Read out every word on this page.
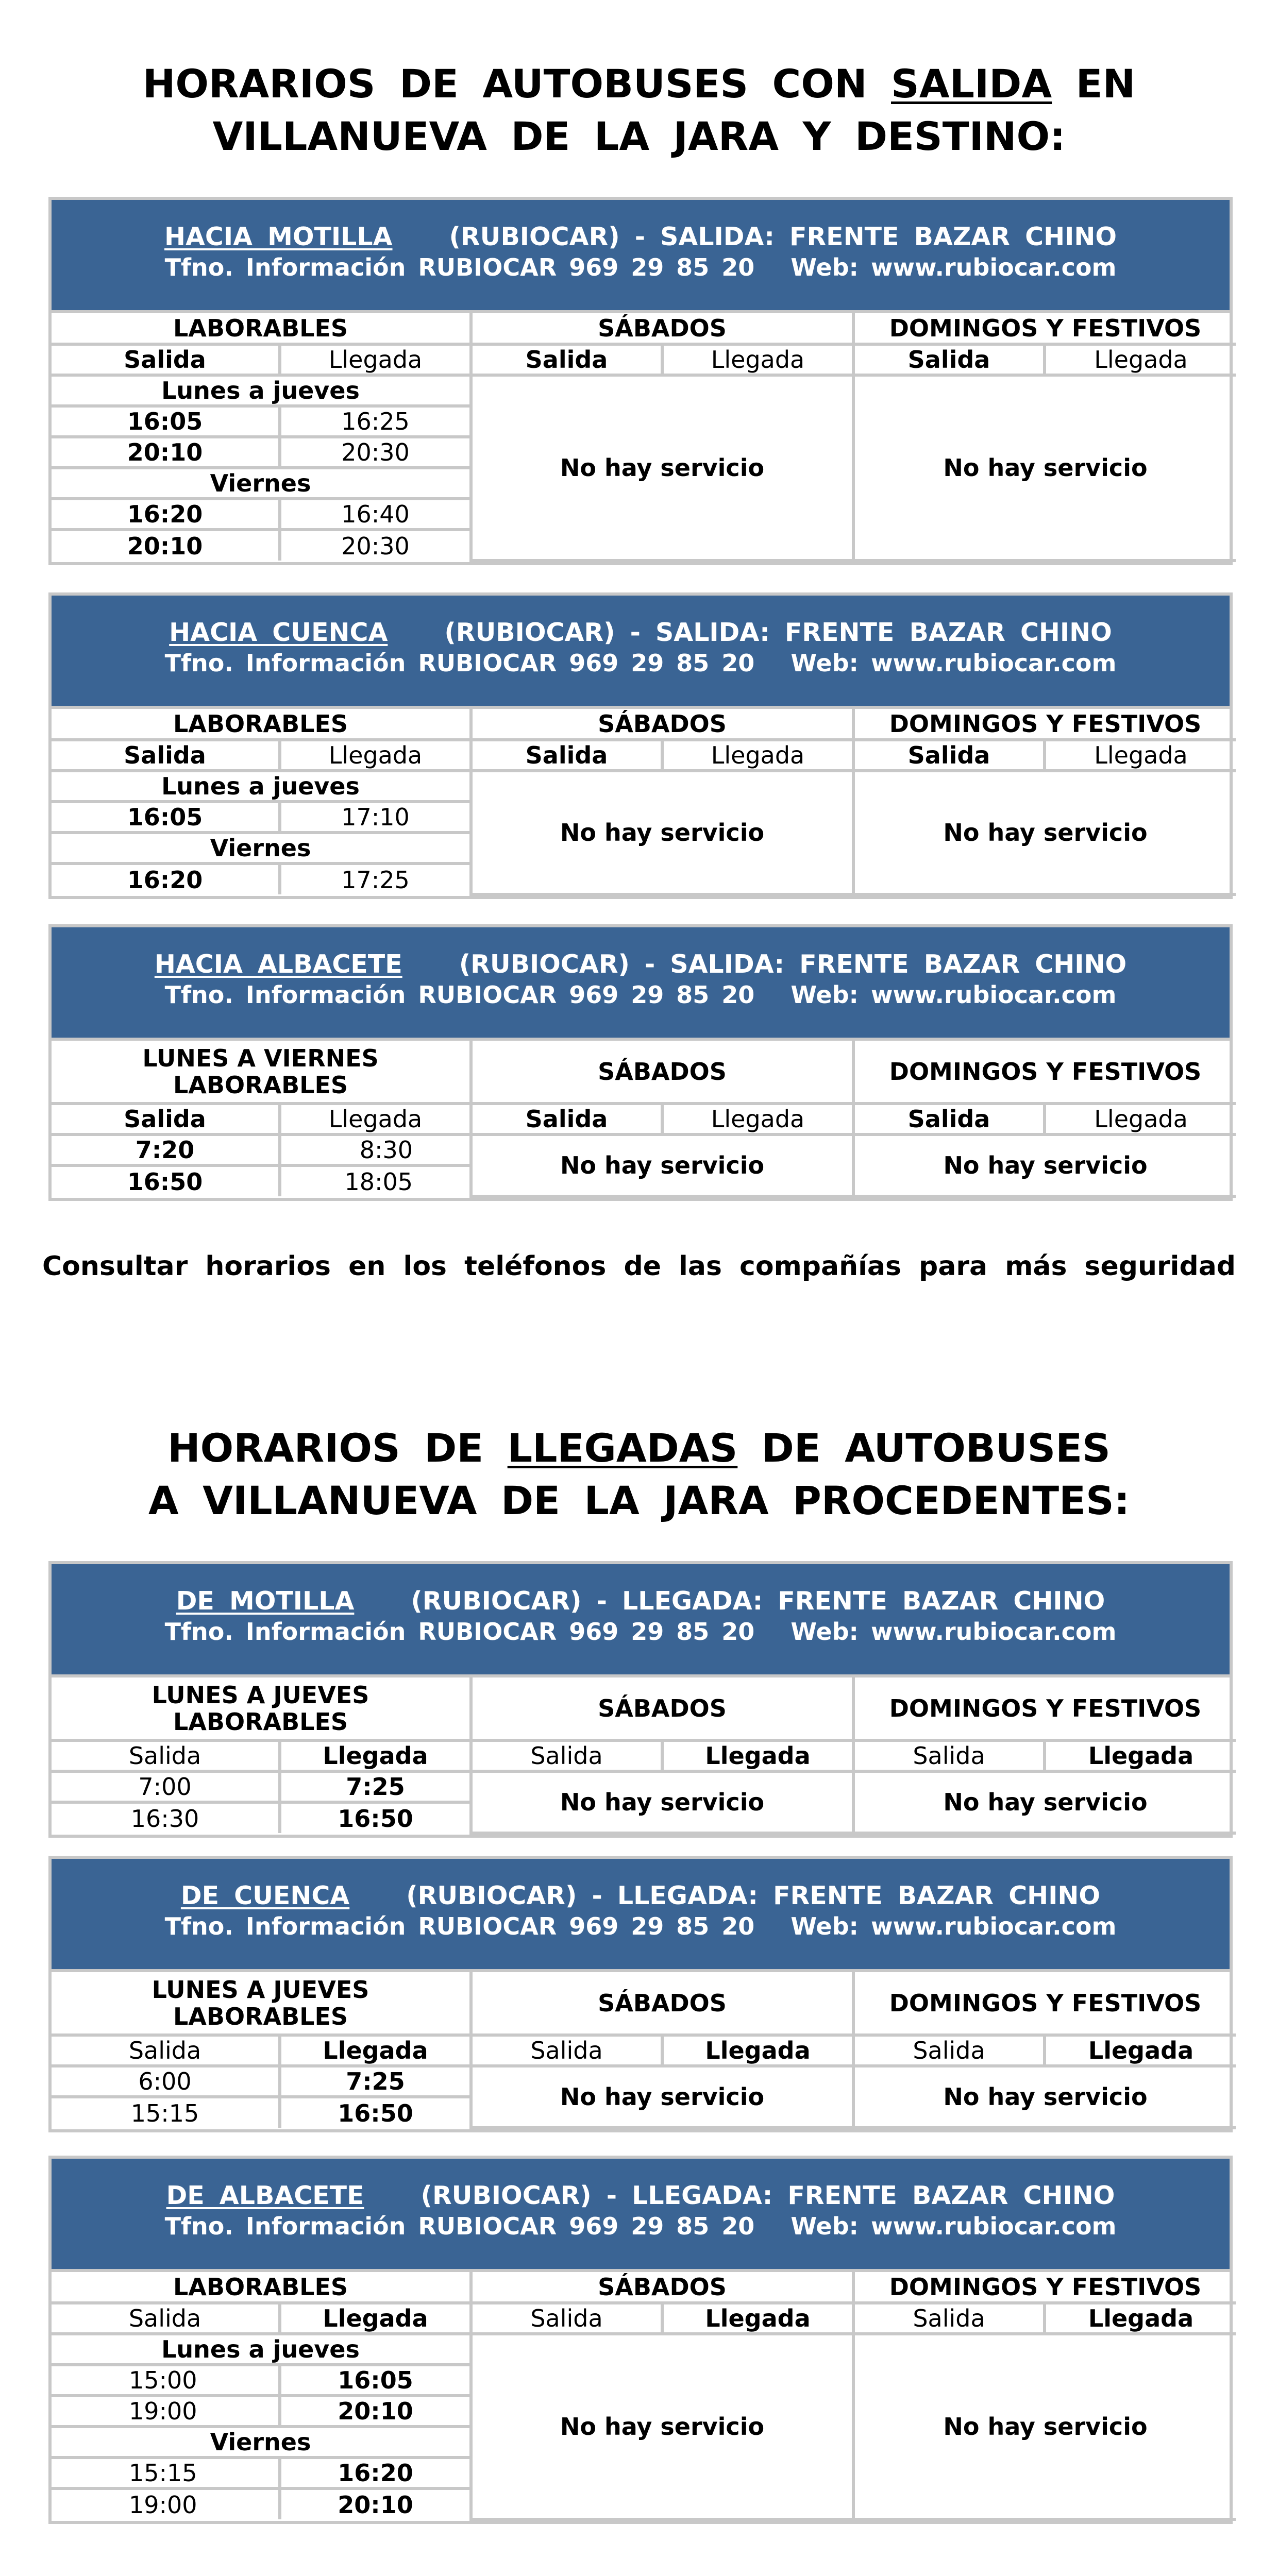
HORARIOS DE AUTOBUSES CON SALIDA EN
VILLANUEVA DE LA JARA Y DESTINO:
HACIA MOTILLA (RUBIOCAR) - SALIDA: FRENTE BAZAR CHINO
Tfno. Información RUBIOCAR 969 29 85 20 Web: www.rubiocar.com
LABORABLES		SÁBADOS		DOMINGOS Y FESTIVOS	
Salida	Llegada	Salida	Llegada	Salida	Llegada
Lunes a jueves		No hay servicio		No hay servicio	
16:05	16:25				
20:10	20:30				
Viernes					
16:20	16:40				
20:10	20:30				
HACIA CUENCA (RUBIOCAR) - SALIDA: FRENTE BAZAR CHINO
Tfno. Información RUBIOCAR 969 29 85 20 Web: www.rubiocar.com
LABORABLES		SÁBADOS		DOMINGOS Y FESTIVOS	
Salida	Llegada	Salida	Llegada	Salida	Llegada
Lunes a jueves		No hay servicio		No hay servicio	
16:05	17:10				
Viernes					
16:20	17:25				
HACIA ALBACETE (RUBIOCAR) - SALIDA: FRENTE BAZAR CHINO
Tfno. Información RUBIOCAR 969 29 85 20 Web: www.rubiocar.com
LUNES A VIERNES
LABORABLES		SÁBADOS		DOMINGOS Y FESTIVOS	
Salida	Llegada	Salida	Llegada	Salida	Llegada
7:20	8:30	No hay servicio		No hay servicio	
16:50	18:05				
Consultar horarios en los teléfonos de las compañías para más seguridad
HORARIOS DE LLEGADAS DE AUTOBUSES
A VILLANUEVA DE LA JARA PROCEDENTES:
DE MOTILLA (RUBIOCAR) - LLEGADA: FRENTE BAZAR CHINO
Tfno. Información RUBIOCAR 969 29 85 20 Web: www.rubiocar.com
LUNES A JUEVES
LABORABLES		SÁBADOS		DOMINGOS Y FESTIVOS	
Salida	Llegada	Salida	Llegada	Salida	Llegada
7:00	7:25	No hay servicio		No hay servicio	
16:30	16:50				
DE CUENCA (RUBIOCAR) - LLEGADA: FRENTE BAZAR CHINO
Tfno. Información RUBIOCAR 969 29 85 20 Web: www.rubiocar.com
LUNES A JUEVES
LABORABLES		SÁBADOS		DOMINGOS Y FESTIVOS	
Salida	Llegada	Salida	Llegada	Salida	Llegada
6:00	7:25	No hay servicio		No hay servicio	
15:15	16:50				
DE ALBACETE (RUBIOCAR) - LLEGADA: FRENTE BAZAR CHINO
Tfno. Información RUBIOCAR 969 29 85 20 Web: www.rubiocar.com
LABORABLES		SÁBADOS		DOMINGOS Y FESTIVOS	
Salida	Llegada	Salida	Llegada	Salida	Llegada
Lunes a jueves		No hay servicio		No hay servicio	
15:00	16:05				
19:00	20:10				
Viernes					
15:15	16:20				
19:00	20:10				
